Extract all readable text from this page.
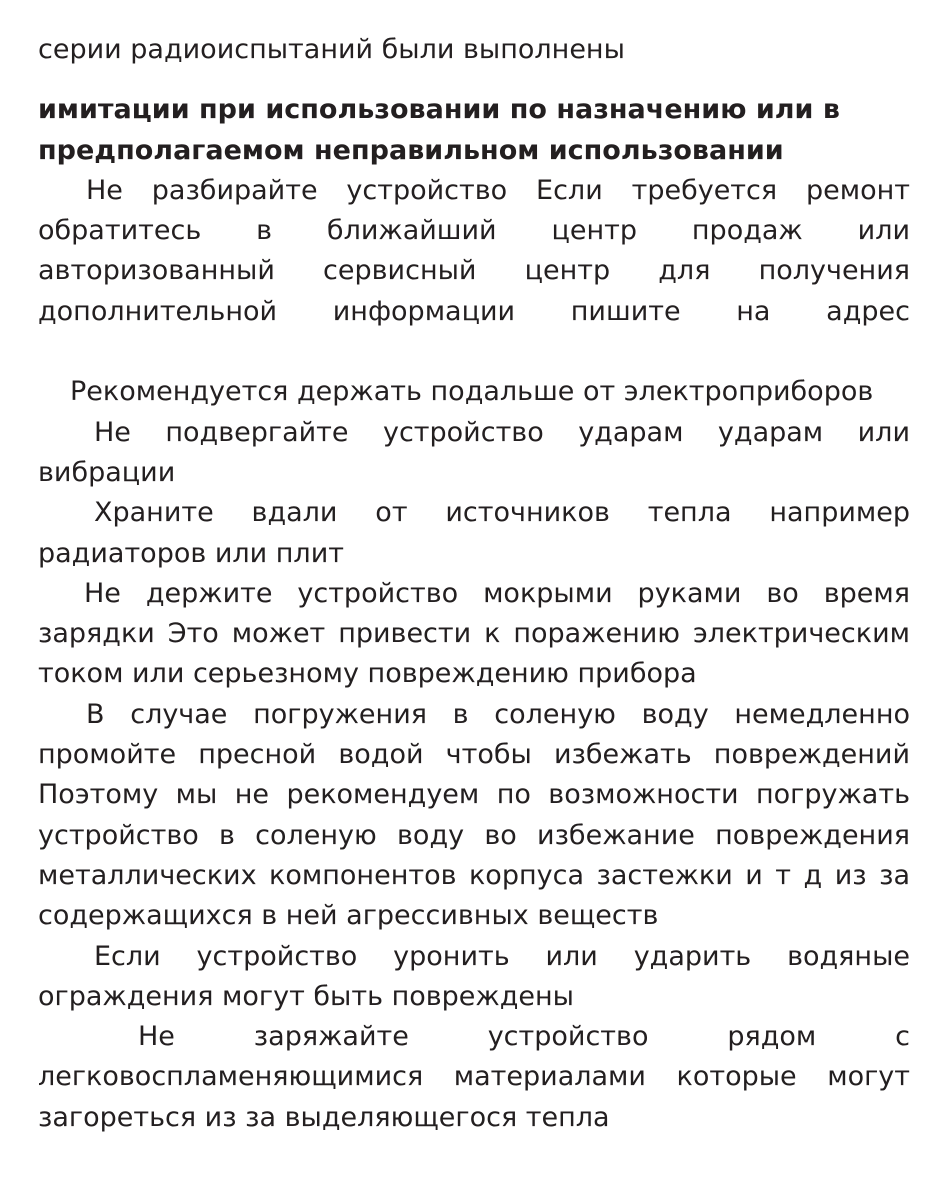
серии радиоиспытаний были выполнены
имитации при использовании по назначению или в
предполагаемом неправильном использовании
Не разбирайте устройство Если требуется ремонт
обратитесь в ближайший центр продаж или
авторизованный сервисный центр для получения
дополнительной информации пишите на адрес
Рекомендуется держать подальше от электроприборов
Не подвергайте устройство ударам ударам или
вибрации
Храните вдали от источников тепла например
радиаторов или плит
Не держите устройство мокрыми руками во время
зарядки Это может привести к поражению электрическим
током или серьезному повреждению прибора
В случае погружения в соленую воду немедленно
промойте пресной водой чтобы избежать повреждений
Поэтому мы не рекомендуем по возможности погружать
устройство в соленую воду во избежание повреждения
металлических компонентов корпуса застежки и т д из за
содержащихся в ней агрессивных веществ
Если устройство уронить или ударить водяные
ограждения могут быть повреждены
Не заряжайте устройство рядом с
легковоспламеняющимися материалами которые могут
загореться из за выделяющегося тепла
